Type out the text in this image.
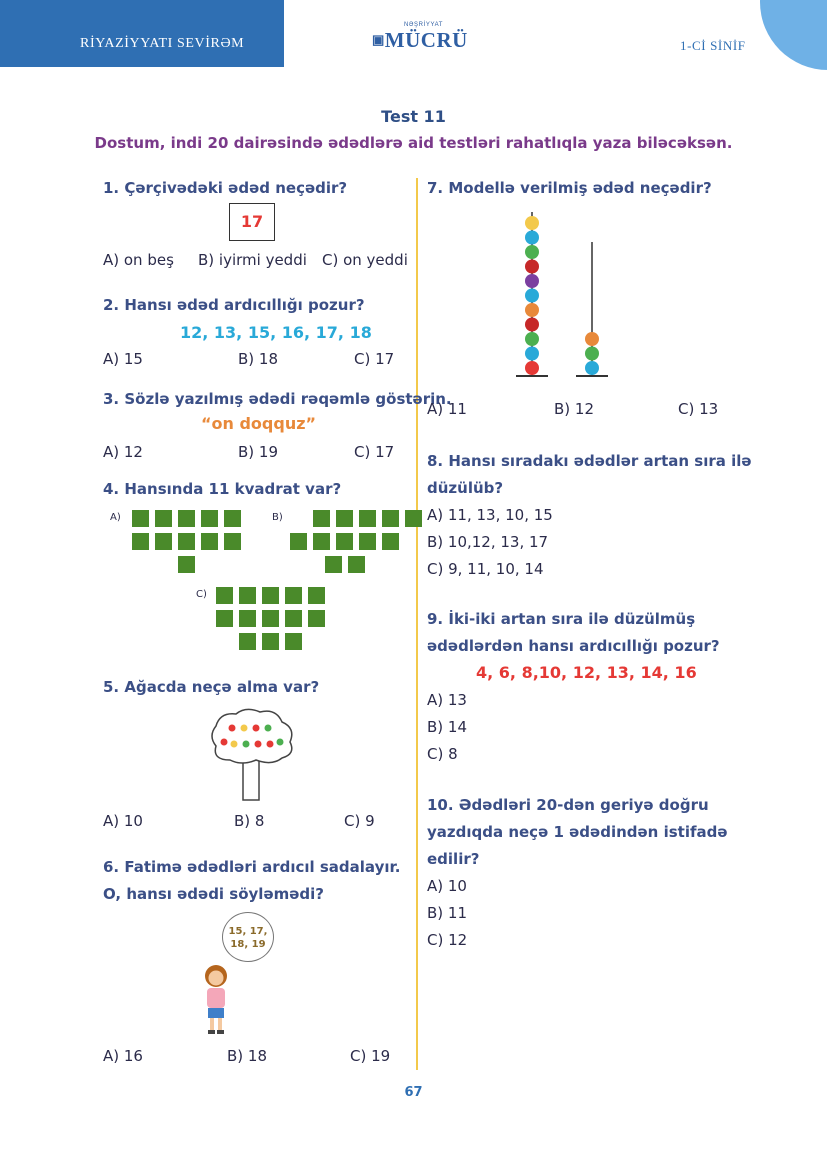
RİYAZİYYATI SEVİRƏM
NƏŞRİYYAT
▣MÜCRÜ	1-Cİ SİNİF
Test 11
Dostum, indi 20 dairəsində ədədlərə aid testləri rahatlıqla yaza biləcəksən.
1. Çərçivədəki ədəd neçədir?
17
A) on beş B) iyirmi yeddi C) on yeddi
2. Hansı ədəd ardıcıllığı pozur?
12, 13, 15, 16, 17, 18
A) 15	B) 18	C) 17
3. Sözlə yazılmış ədədi rəqəmlə göstərin.
“on doqquz”
A) 12	B) 19	C) 17
4. Hansında 11 kvadrat var?
A)	B)
C)
5. Ağacda neçə alma var?
A) 10	B) 8	C) 9
6. Fatimə ədədləri ardıcıl sadalayır.
O, hansı ədədi söyləmədi?
15, 17,
18, 19
A) 16	B) 18	C) 19
7. Modellə verilmiş ədəd neçədir?
A) 11	B) 12	C) 13
8. Hansı sıradakı ədədlər artan sıra ilə
düzülüb?
A) 11, 13, 10, 15
B) 10,12, 13, 17
C) 9, 11, 10, 14
9. İki-iki artan sıra ilə düzülmüş
ədədlərdən hansı ardıcıllığı pozur?
4, 6, 8,10, 12, 13, 14, 16
A) 13
B) 14
C) 8
10. Ədədləri 20-dən geriyə doğru
yazdıqda neçə 1 ədədindən istifadə
edilir?
A) 10
B) 11
C) 12
67
